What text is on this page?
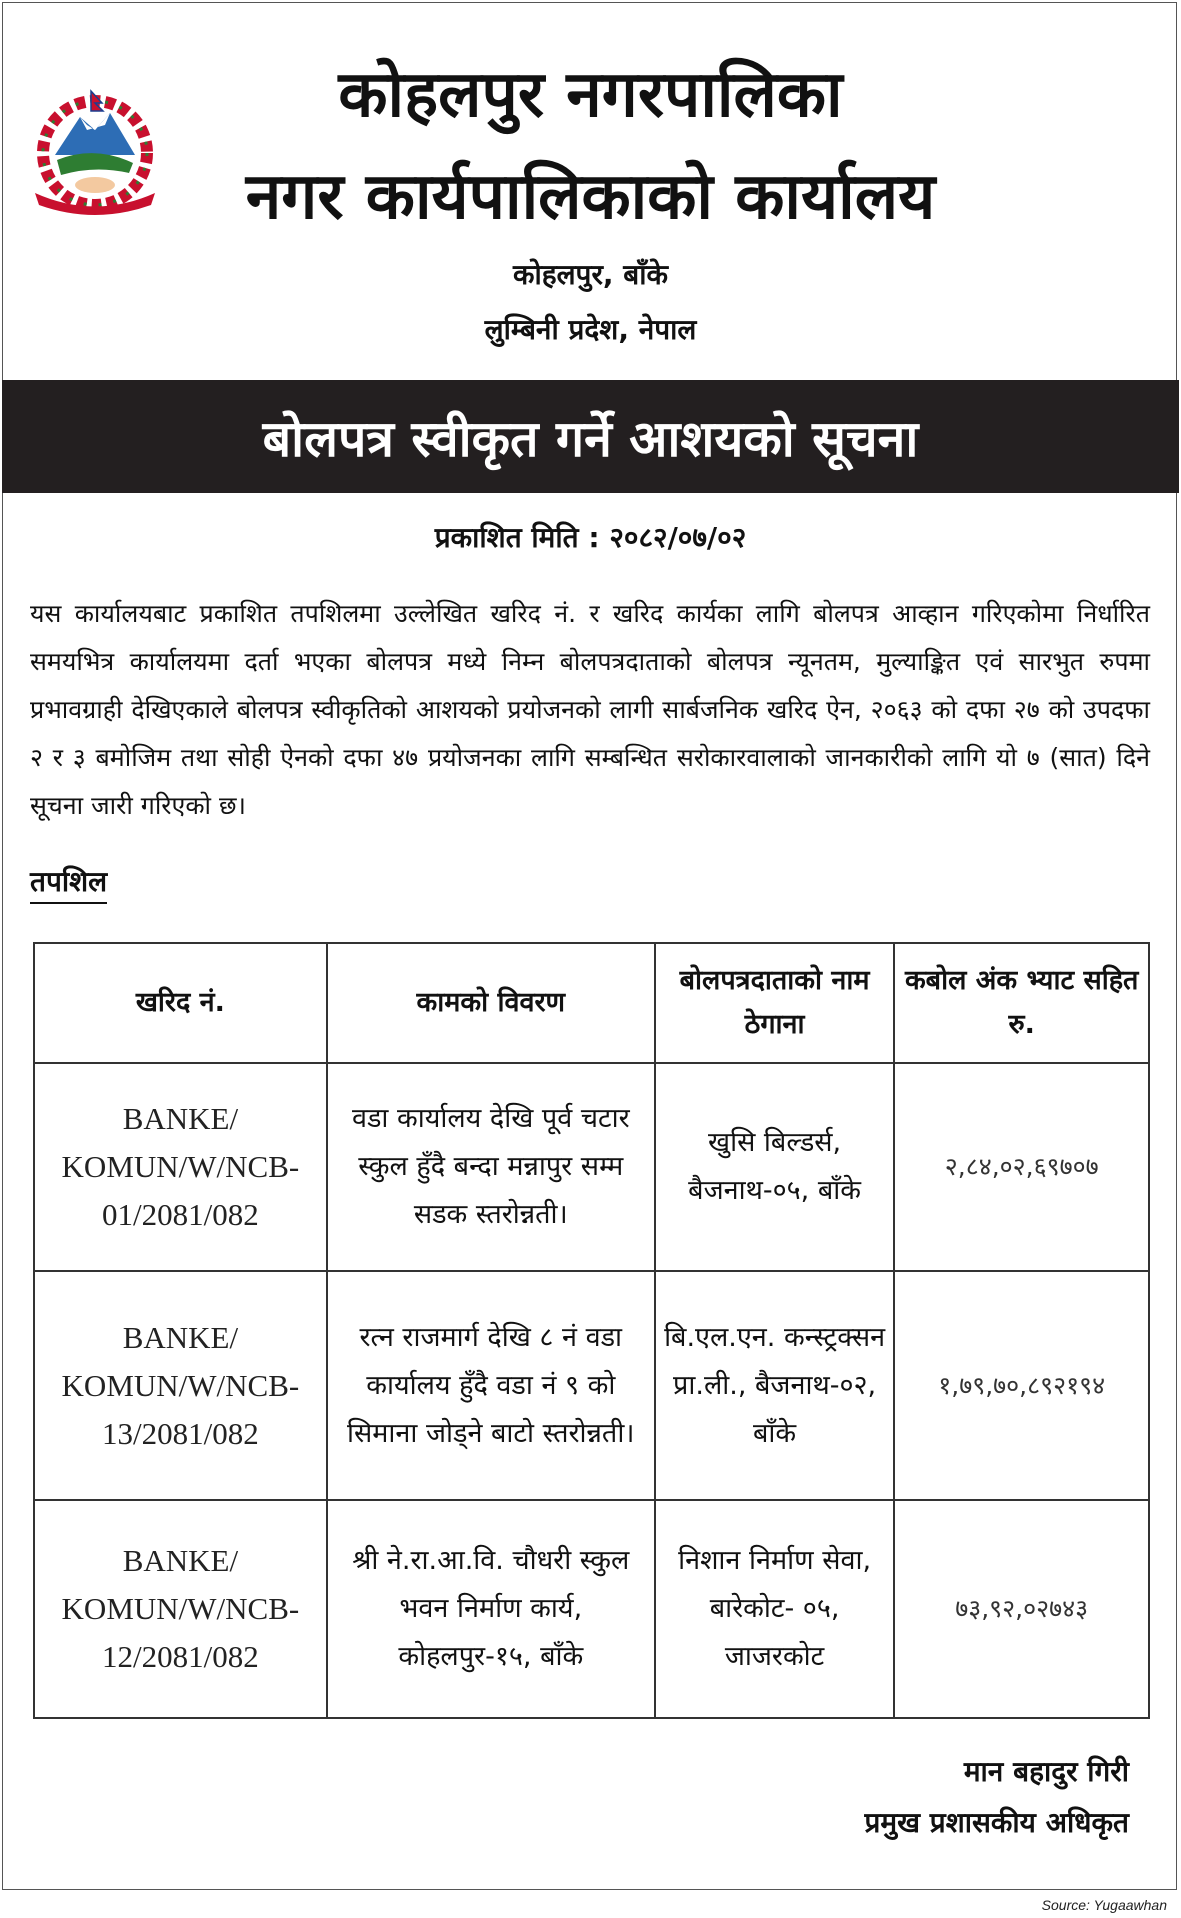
कोहलपुर नगरपालिका
नगर कार्यपालिकाको कार्यालय
कोहलपुर, बाँके
लुम्बिनी प्रदेश, नेपाल
बोलपत्र स्वीकृत गर्ने आशयको सूचना
प्रकाशित मिति : २०८२/०७/०२
यस कार्यालयबाट प्रकाशित तपशिलमा उल्लेखित खरिद नं. र खरिद कार्यका लागि बोलपत्र आव्हान गरिएकोमा निर्धारित समयभित्र कार्यालयमा दर्ता भएका बोलपत्र मध्ये निम्न बोलपत्रदाताको बोलपत्र न्यूनतम, मुल्याङ्कित एवं सारभुत रुपमा प्रभावग्राही देखिएकाले बोलपत्र स्वीकृतिको आशयको प्रयोजनको लागी सार्बजनिक खरिद ऐन, २०६३ को दफा २७ को उपदफा २ र ३ बमोजिम तथा सोही ऐनको दफा ४७ प्रयोजनका लागि सम्बन्धित सरोकारवालाको जानकारीको लागि यो ७ (सात) दिने सूचना जारी गरिएको छ।
तपशिल
खरिद नं.	कामको विवरण	बोलपत्रदाताको नाम ठेगाना	कबोल अंक भ्याट सहित रु.
BANKE/ KOMUN/W/NCB- 01/2081/082	वडा कार्यालय देखि पूर्व चटार स्कुल हुँदै बन्दा मन्नापुर सम्म सडक स्तरोन्नती।	खुसि बिल्डर्स, बैजनाथ-०५, बाँके	२,८४,०२,६९७०७
BANKE/ KOMUN/W/NCB- 13/2081/082	रत्न राजमार्ग देखि ८ नं वडा कार्यालय हुँदै वडा नं ९ को सिमाना जोड्ने बाटो स्तरोन्नती।	बि.एल.एन. कन्स्ट्रक्सन प्रा.ली., बैजनाथ-०२, बाँके	१,७९,७०,८९२१९४
BANKE/ KOMUN/W/NCB- 12/2081/082	श्री ने.रा.आ.वि. चौधरी स्कुल भवन निर्माण कार्य, कोहलपुर-१५, बाँके	निशान निर्माण सेवा, बारेकोट- ०५, जाजरकोट	७३,९२,०२७४३
मान बहादुर गिरी
प्रमुख प्रशासकीय अधिकृत
Source: Yugaawhan
